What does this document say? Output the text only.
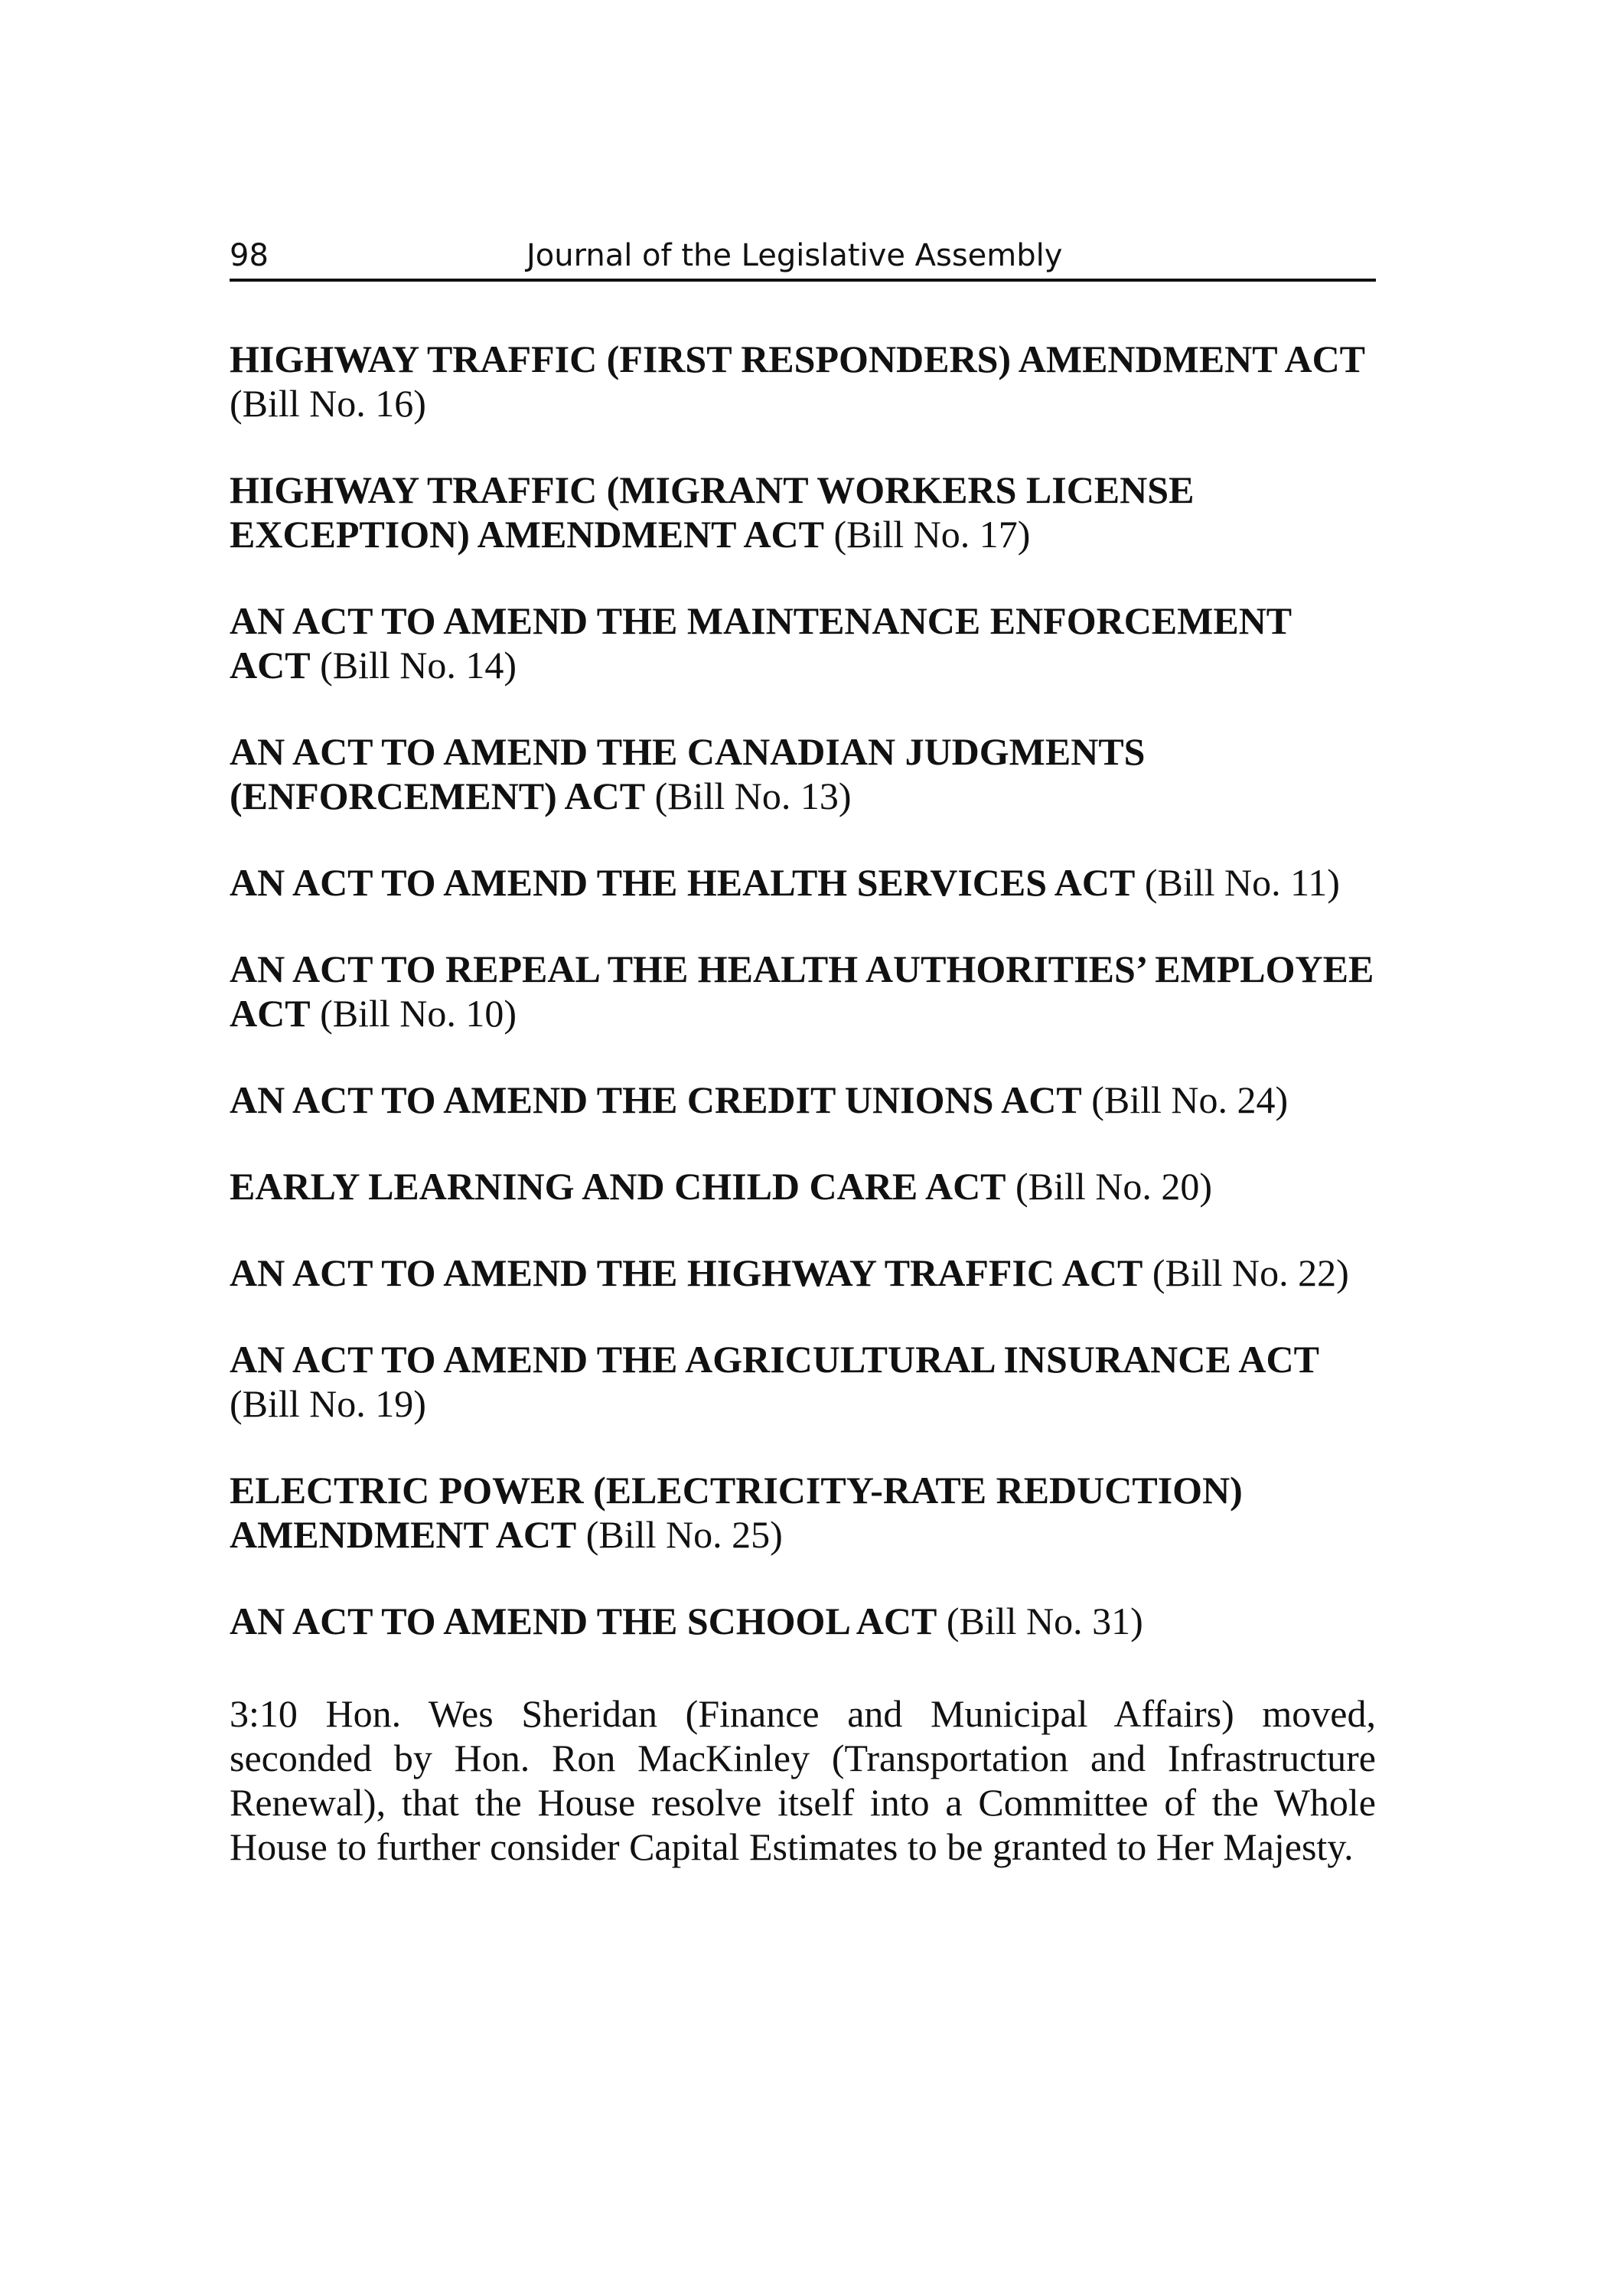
98	Journal of the Legislative Assembly

HIGHWAY TRAFFIC (FIRST RESPONDERS) AMENDMENT ACT (Bill No. 16)

HIGHWAY TRAFFIC (MIGRANT WORKERS LICENSE EXCEPTION) AMENDMENT ACT (Bill No. 17)

AN ACT TO AMEND THE MAINTENANCE ENFORCEMENT ACT (Bill No. 14)

AN ACT TO AMEND THE CANADIAN JUDGMENTS (ENFORCEMENT) ACT (Bill No. 13)

AN ACT TO AMEND THE HEALTH SERVICES ACT (Bill No. 11)

AN ACT TO REPEAL THE HEALTH AUTHORITIES’ EMPLOYEE ACT (Bill No. 10)

AN ACT TO AMEND THE CREDIT UNIONS ACT (Bill No. 24)

EARLY LEARNING AND CHILD CARE ACT (Bill No. 20)

AN ACT TO AMEND THE HIGHWAY TRAFFIC ACT (Bill No. 22)

AN ACT TO AMEND THE AGRICULTURAL INSURANCE ACT (Bill No. 19)

ELECTRIC POWER (ELECTRICITY-RATE REDUCTION) AMENDMENT ACT (Bill No. 25)

AN ACT TO AMEND THE SCHOOL ACT (Bill No. 31)

3:10 Hon. Wes Sheridan (Finance and Municipal Affairs) moved, seconded by Hon. Ron MacKinley (Transportation and Infrastructure Renewal), that the House resolve itself into a Committee of the Whole House to further consider Capital Estimates to be granted to Her Majesty.
